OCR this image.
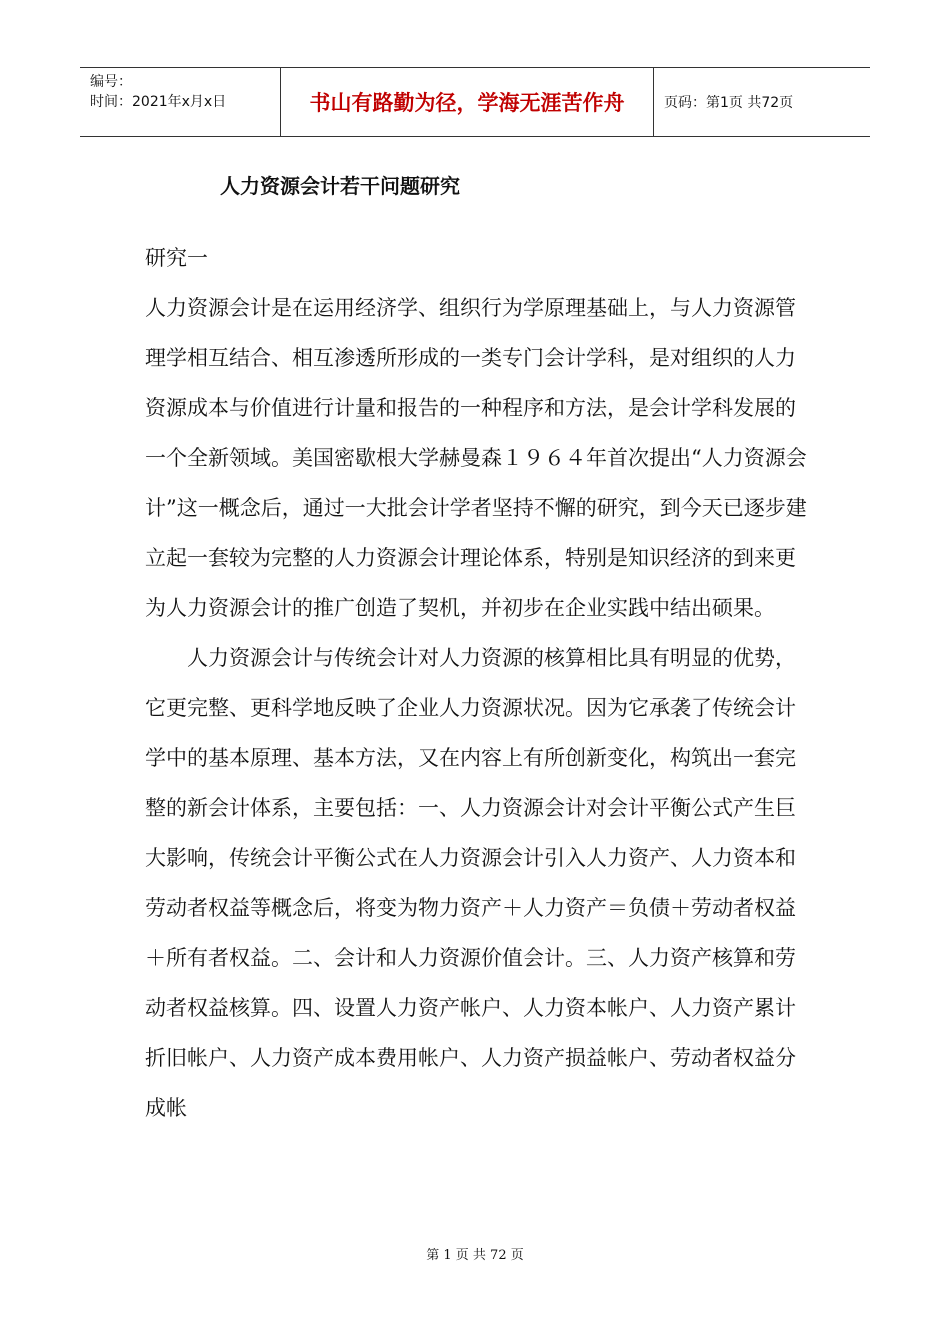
编号：
时间：2021年x月x日	书山有路勤为径，学海无涯苦作舟	页码：第1页 共72页
人力资源会计若干问题研究

研究一

人力资源会计是在运用经济学、组织行为学原理基础上，与人力资源管理学相互结合、相互渗透所形成的一类专门会计学科，是对组织的人力资源成本与价值进行计量和报告的一种程序和方法，是会计学科发展的一个全新领域。美国密歇根大学赫曼森１９６４年首次提出“人力资源会计”这一概念后，通过一大批会计学者坚持不懈的研究，到今天已逐步建立起一套较为完整的人力资源会计理论体系，特别是知识经济的到来更为人力资源会计的推广创造了契机，并初步在企业实践中结出硕果。

人力资源会计与传统会计对人力资源的核算相比具有明显的优势，它更完整、更科学地反映了企业人力资源状况。因为它承袭了传统会计学中的基本原理、基本方法，又在内容上有所创新变化，构筑出一套完整的新会计体系，主要包括：一、人力资源会计对会计平衡公式产生巨大影响，传统会计平衡公式在人力资源会计引入人力资产、人力资本和劳动者权益等概念后，将变为物力资产＋人力资产＝负债＋劳动者权益＋所有者权益。二、会计和人力资源价值会计。三、人力资产核算和劳动者权益核算。四、设置人力资产帐户、人力资本帐户、人力资产累计折旧帐户、人力资产成本费用帐户、人力资产损益帐户、劳动者权益分成帐

第 1 页 共 72 页
